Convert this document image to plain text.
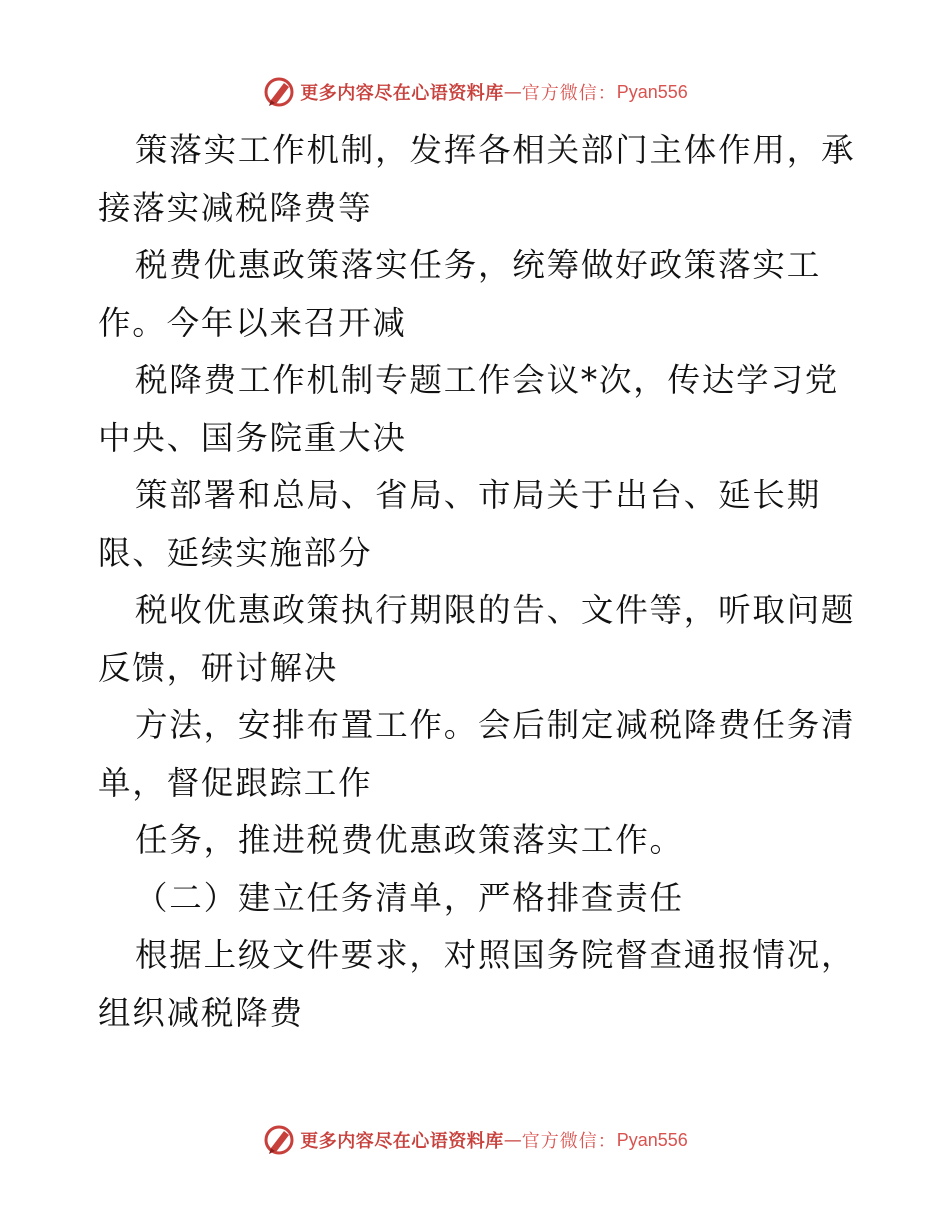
更多内容尽在心语资料库 — 官方微信： Pyan556
策落实工作机制，发挥各相关部门主体作用，承
接落实减税降费等
税费优惠政策落实任务，统筹做好政策落实工
作。今年以来召开减
税降费工作机制专题工作会议*次，传达学习党
中央、国务院重大决
策部署和总局、省局、市局关于出台、延长期
限、延续实施部分
税收优惠政策执行期限的告、文件等，听取问题
反馈，研讨解决
方法，安排布置工作。会后制定减税降费任务清
单，督促跟踪工作
任务，推进税费优惠政策落实工作。
（二）建立任务清单，严格排查责任
根据上级文件要求，对照国务院督查通报情况，
组织减税降费
更多内容尽在心语资料库 — 官方微信： Pyan556
